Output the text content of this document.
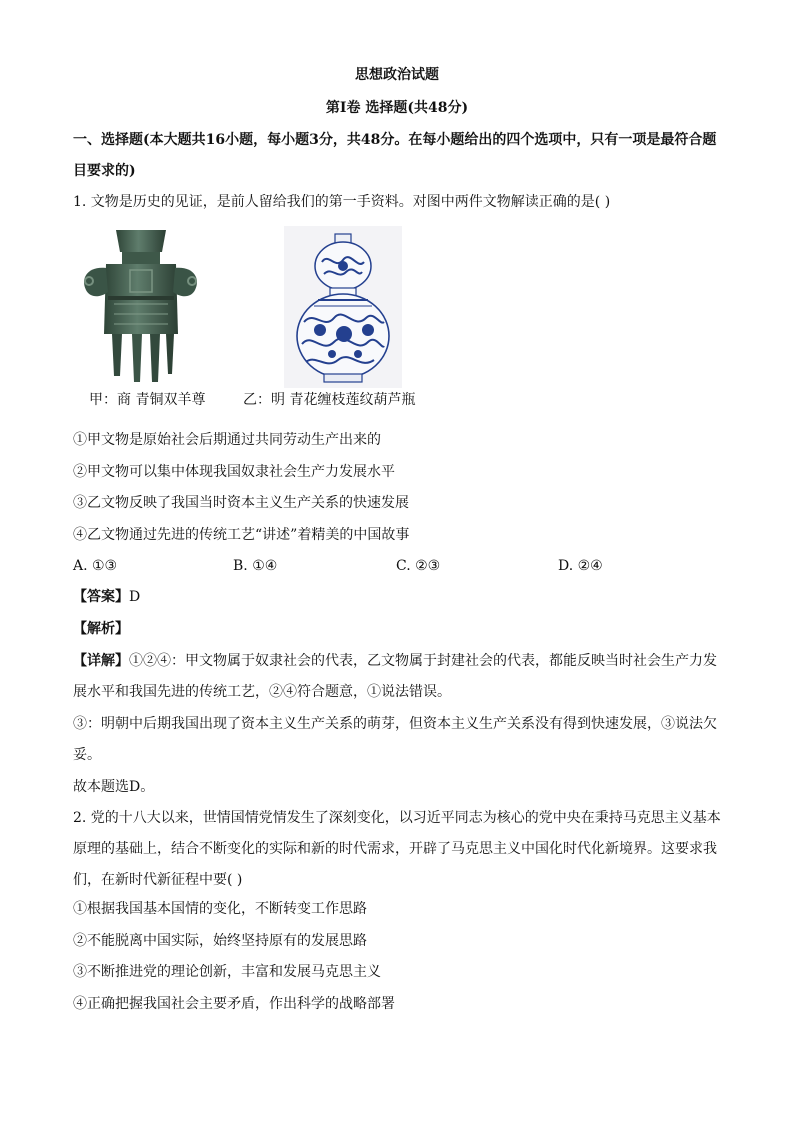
思想政治试题
第Ⅰ卷 选择题(共48分)
一、选择题(本大题共16小题，每小题3分，共48分。在每小题给出的四个选项中，只有一项是最符合题
目要求的)
1. 文物是历史的见证，是前人留给我们的第一手资料。对图中两件文物解读正确的是( )
甲：商 青铜双羊尊	乙：明 青花缠枝莲纹葫芦瓶
①甲文物是原始社会后期通过共同劳动生产出来的
②甲文物可以集中体现我国奴隶社会生产力发展水平
③乙文物反映了我国当时资本主义生产关系的快速发展
④乙文物通过先进的传统工艺“讲述”着精美的中国故事
A. ①③	B. ①④	C. ②③	D. ②④
【答案】D
【解析】
【详解】①②④：甲文物属于奴隶社会的代表，乙文物属于封建社会的代表，都能反映当时社会生产力发
展水平和我国先进的传统工艺，②④符合题意，①说法错误。
③：明朝中后期我国出现了资本主义生产关系的萌芽，但资本主义生产关系没有得到快速发展，③说法欠
妥。
故本题选D。
2. 党的十八大以来，世情国情党情发生了深刻变化，以习近平同志为核心的党中央在秉持马克思主义基本
原理的基础上，结合不断变化的实际和新的时代需求，开辟了马克思主义中国化时代化新境界。这要求我
们，在新时代新征程中要( )
①根据我国基本国情的变化，不断转变工作思路
②不能脱离中国实际，始终坚持原有的发展思路
③不断推进党的理论创新，丰富和发展马克思主义
④正确把握我国社会主要矛盾，作出科学的战略部署
